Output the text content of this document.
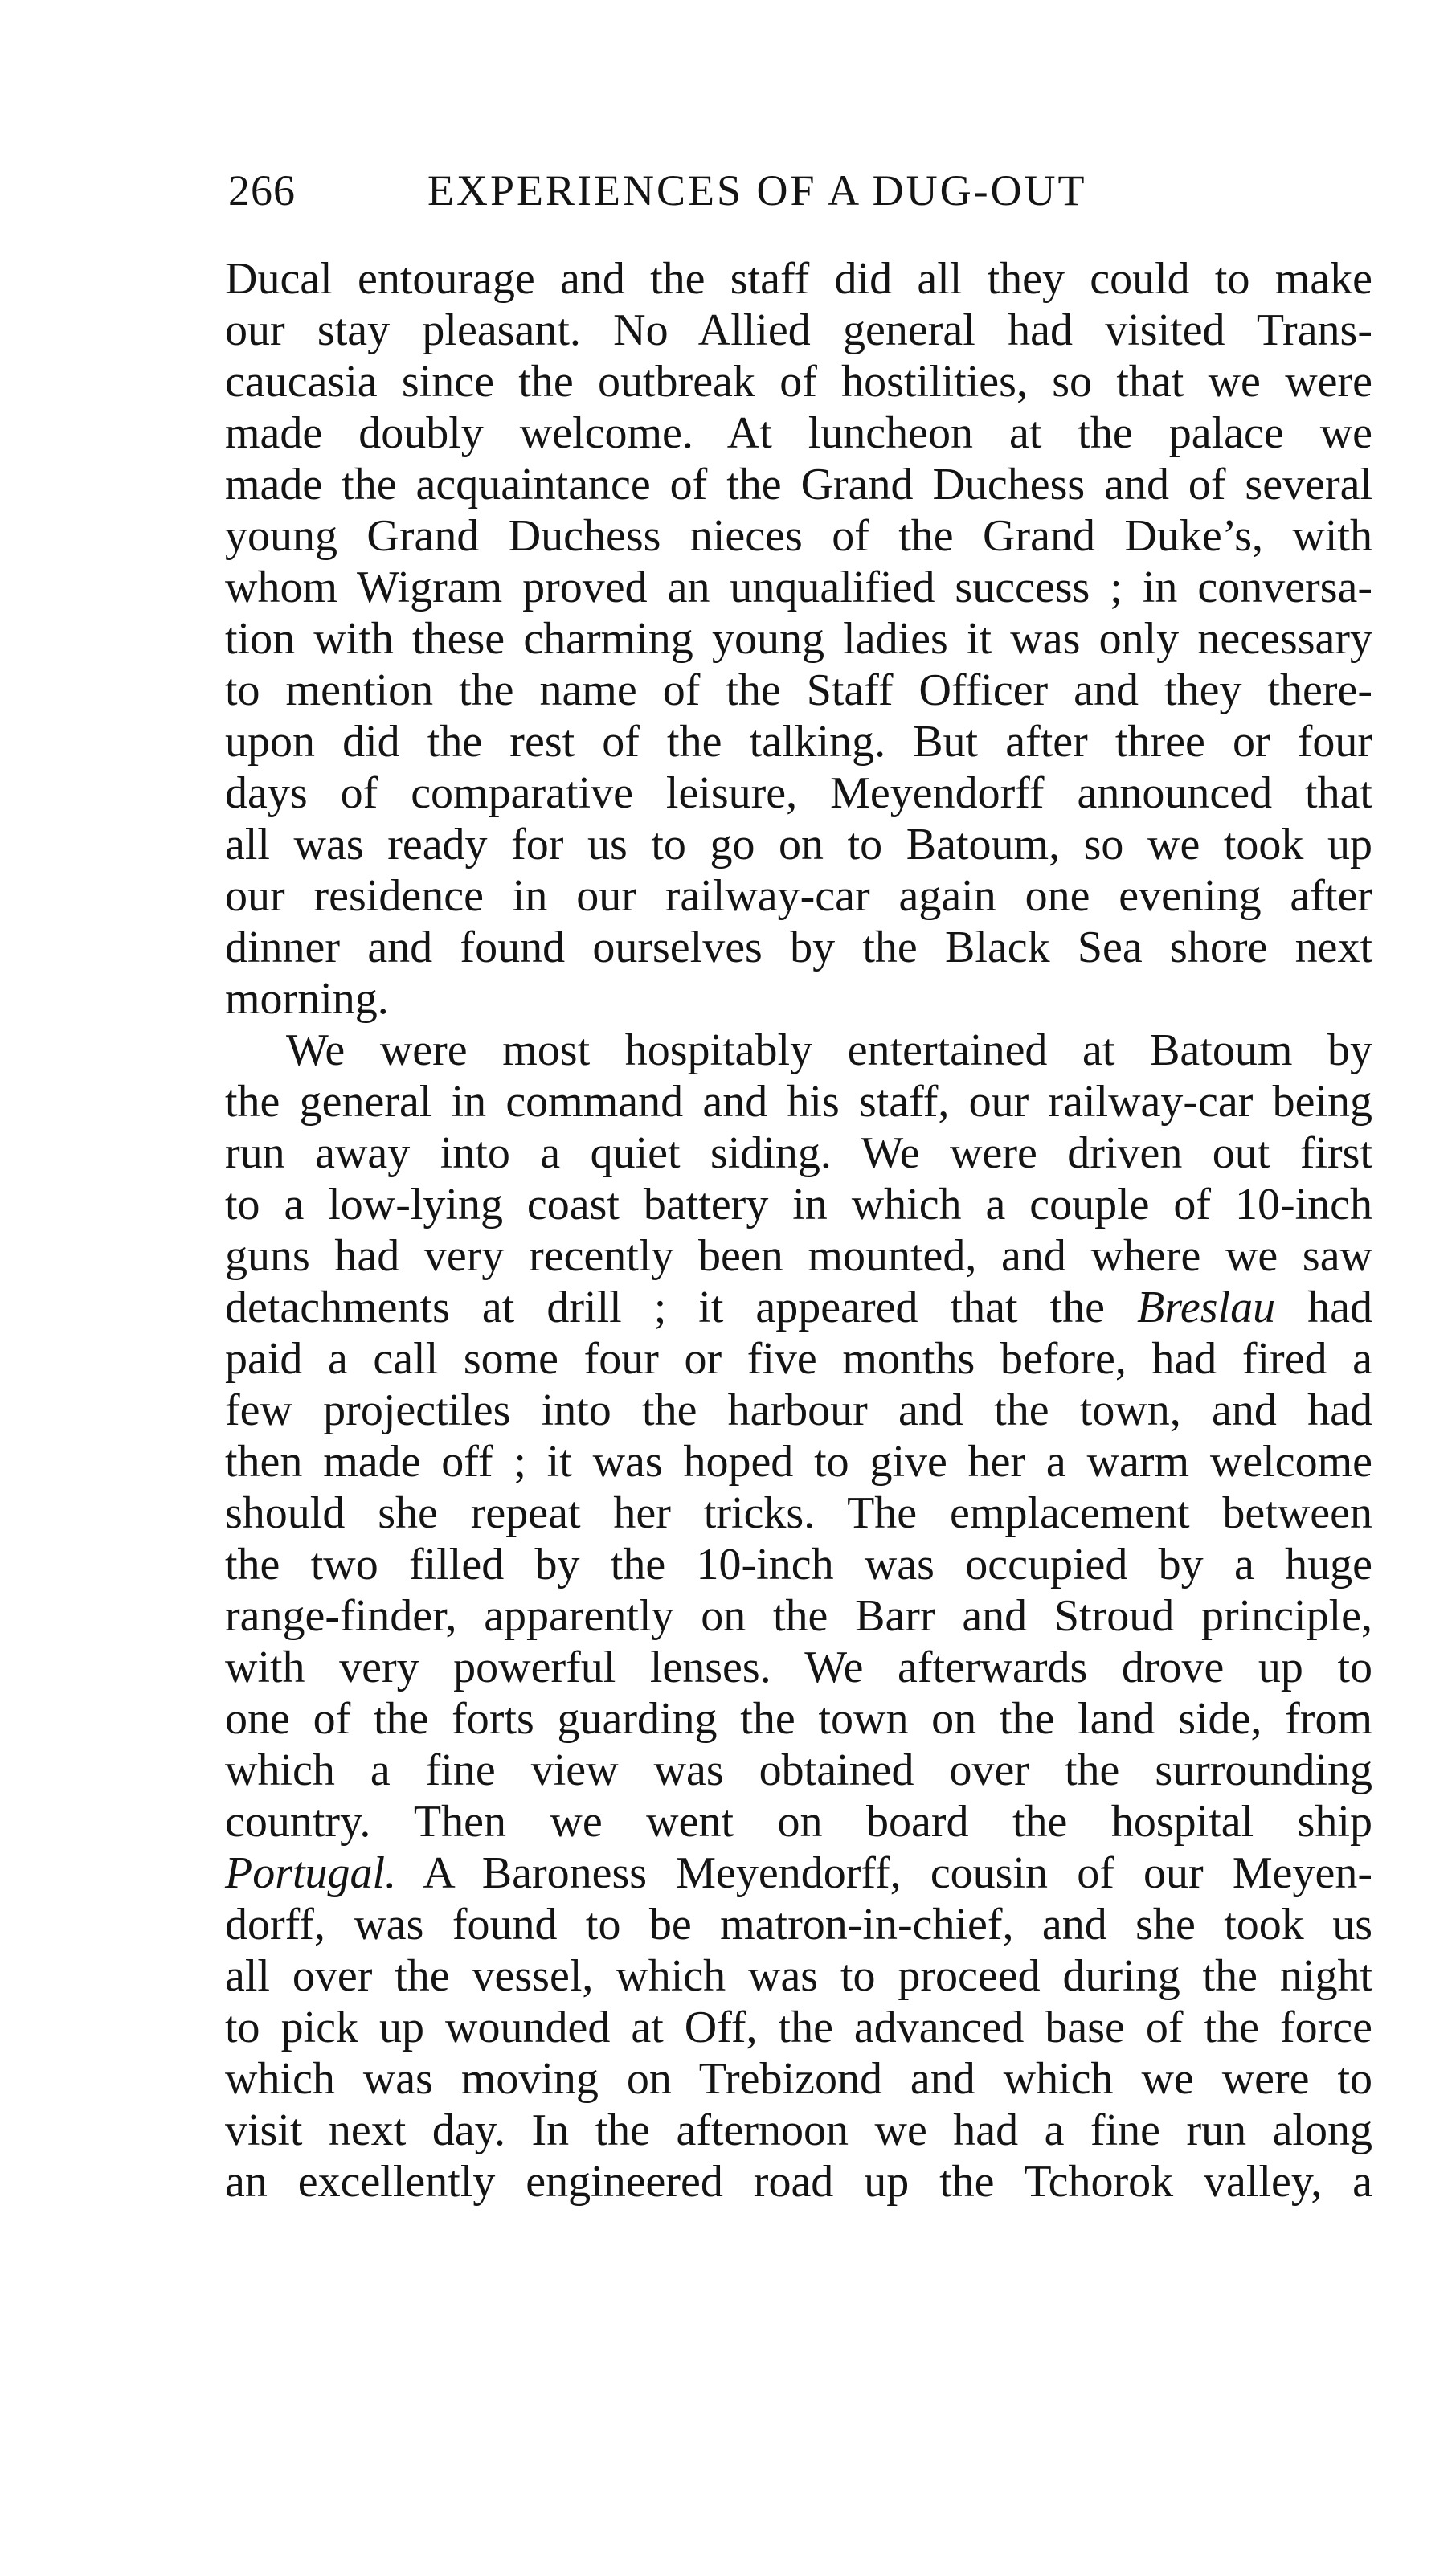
266	EXPERIENCES OF A DUG-OUT
Ducal entourage and the staff did all they could to make
our stay pleasant. No Allied general had visited Trans-
caucasia since the outbreak of hostilities, so that we were
made doubly welcome. At luncheon at the palace we
made the acquaintance of the Grand Duchess and of several
young Grand Duchess nieces of the Grand Duke’s, with
whom Wigram proved an unqualified success ; in conversa-
tion with these charming young ladies it was only necessary
to mention the name of the Staff Officer and they there-
upon did the rest of the talking. But after three or four
days of comparative leisure, Meyendorff announced that
all was ready for us to go on to Batoum, so we took up
our residence in our railway-car again one evening after
dinner and found ourselves by the Black Sea shore next
morning.
We were most hospitably entertained at Batoum by
the general in command and his staff, our railway-car being
run away into a quiet siding. We were driven out first
to a low-lying coast battery in which a couple of 10-inch
guns had very recently been mounted, and where we saw
detachments at drill ; it appeared that the Breslau had
paid a call some four or five months before, had fired a
few projectiles into the harbour and the town, and had
then made off ; it was hoped to give her a warm welcome
should she repeat her tricks. The emplacement between
the two filled by the 10-inch was occupied by a huge
range-finder, apparently on the Barr and Stroud principle,
with very powerful lenses. We afterwards drove up to
one of the forts guarding the town on the land side, from
which a fine view was obtained over the surrounding
country. Then we went on board the hospital ship
Portugal. A Baroness Meyendorff, cousin of our Meyen-
dorff, was found to be matron-in-chief, and she took us
all over the vessel, which was to proceed during the night
to pick up wounded at Off, the advanced base of the force
which was moving on Trebizond and which we were to
visit next day. In the afternoon we had a fine run along
an excellently engineered road up the Tchorok valley, a
